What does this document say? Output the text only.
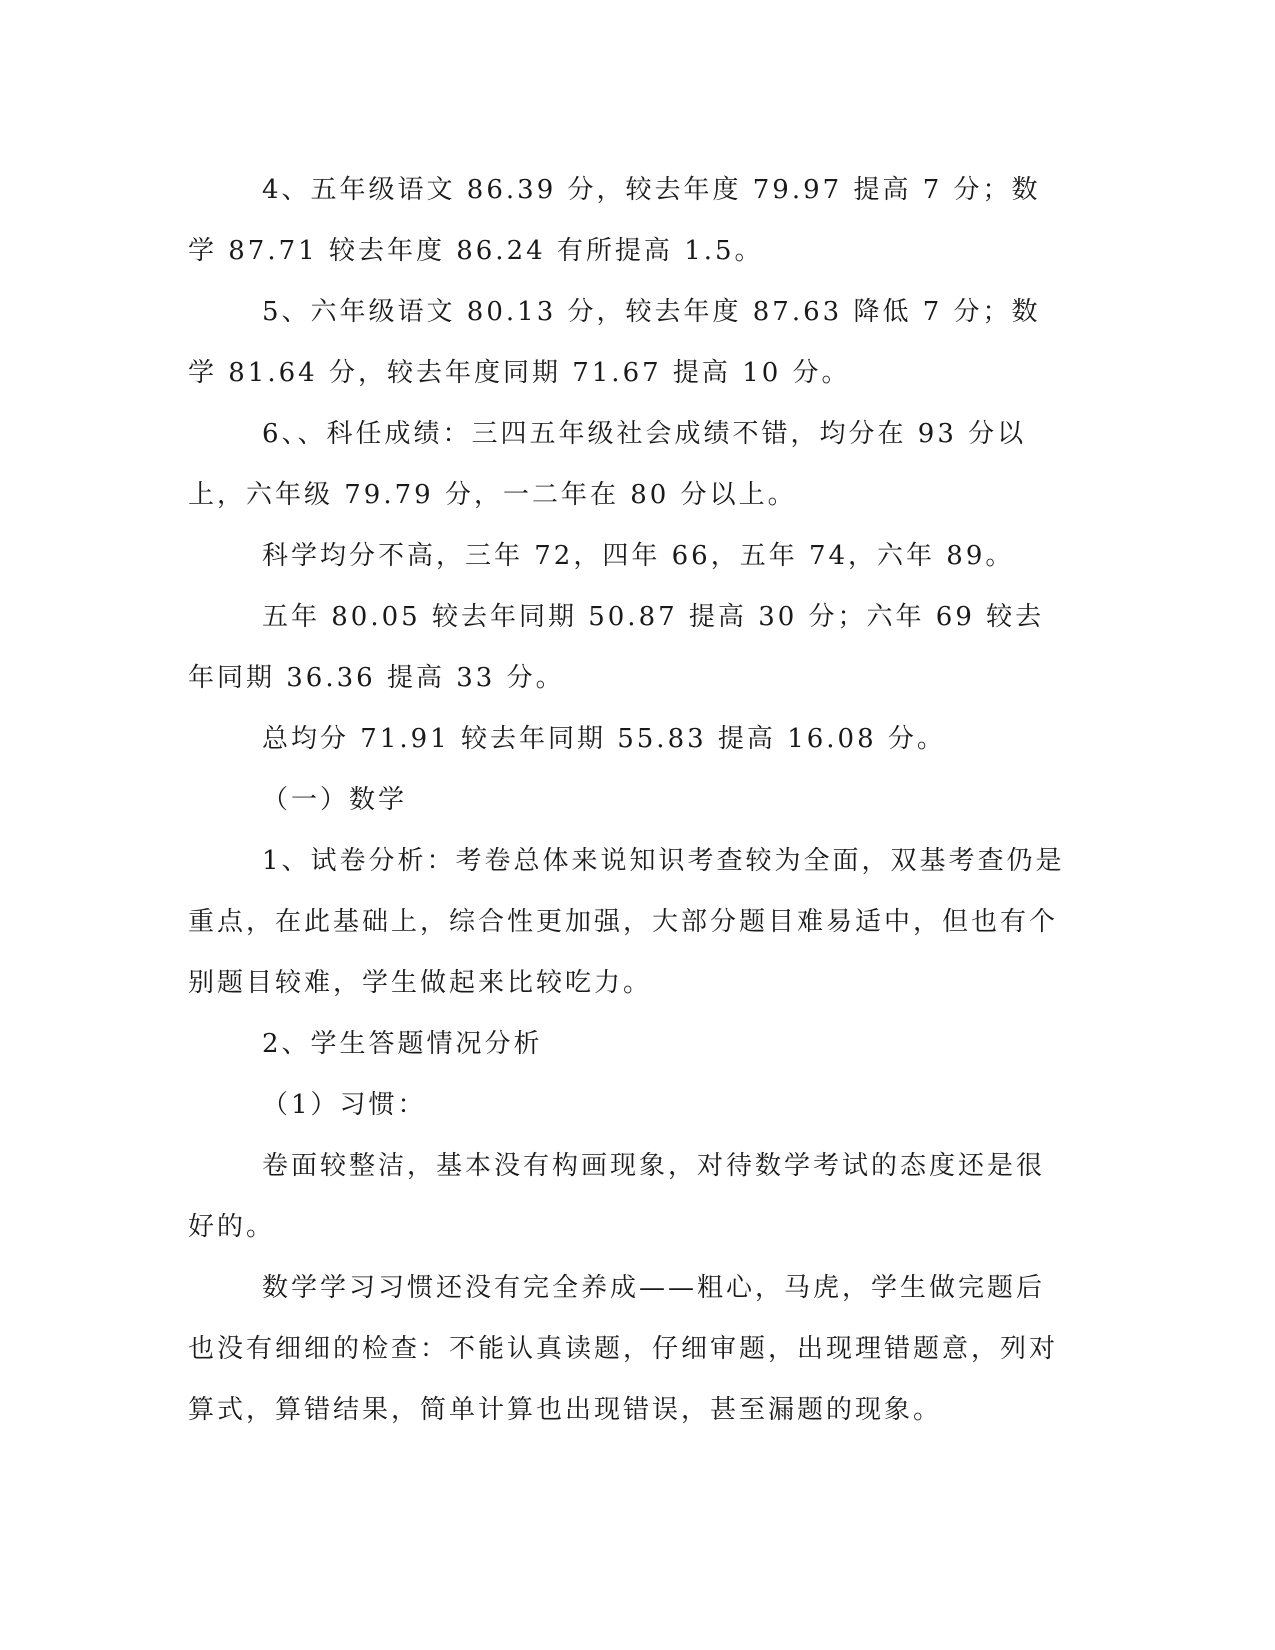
4、五年级语文 86.39 分，较去年度 79.97 提高 7 分；数学 87.71 较去年度 86.24 有所提高 1.5。

5、六年级语文 80.13 分，较去年度 87.63 降低 7 分；数学 81.64 分，较去年度同期 71.67 提高 10 分。

6、、科任成绩：三四五年级社会成绩不错，均分在 93 分以上，六年级 79.79 分，一二年在 80 分以上。

科学均分不高，三年 72，四年 66，五年 74，六年 89。

五年 80.05 较去年同期 50.87 提高 30 分；六年 69 较去年同期 36.36 提高 33 分。

总均分 71.91 较去年同期 55.83 提高 16.08 分。

（一）数学

1、试卷分析：考卷总体来说知识考查较为全面，双基考查仍是重点，在此基础上，综合性更加强，大部分题目难易适中，但也有个别题目较难，学生做起来比较吃力。

2、学生答题情况分析

（1）习惯：

卷面较整洁，基本没有构画现象，对待数学考试的态度还是很好的。

数学学习习惯还没有完全养成——粗心，马虎，学生做完题后也没有细细的检查：不能认真读题，仔细审题，出现理错题意，列对算式，算错结果，简单计算也出现错误，甚至漏题的现象。
